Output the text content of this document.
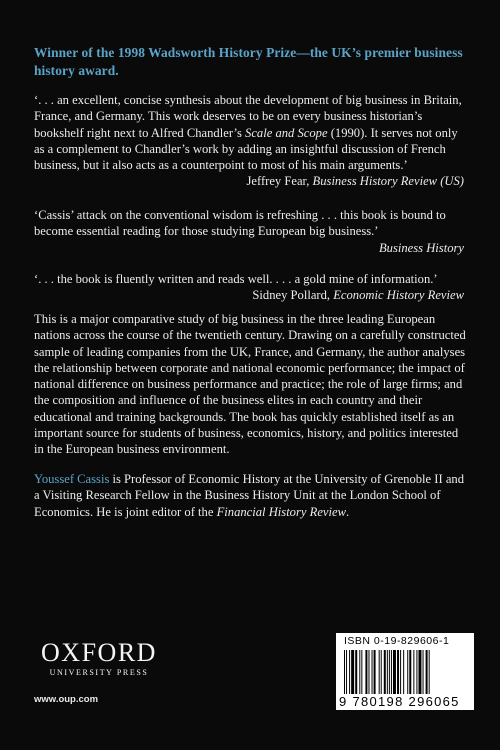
Winner of the 1998 Wadsworth History Prize—the UK’s premier business history award.
‘. . . an excellent, concise synthesis about the development of big business in Britain, France, and Germany. This work deserves to be on every business historian’s bookshelf right next to Alfred Chandler’s Scale and Scope (1990). It serves not only as a complement to Chandler’s work by adding an insightful discussion of French business, but it also acts as a counterpoint to most of his main arguments.’
Jeffrey Fear, Business History Review (US)
‘Cassis’ attack on the conventional wisdom is refreshing . . . this book is bound to become essential reading for those studying European big business.’
Business History
‘. . . the book is fluently written and reads well. . . . a gold mine of information.’
Sidney Pollard, Economic History Review
This is a major comparative study of big business in the three leading European nations across the course of the twentieth century. Drawing on a carefully constructed sample of leading companies from the UK, France, and Germany, the author analyses the relationship between corporate and national economic performance; the impact of national difference on business performance and practice; the role of large firms; and the composition and influence of the business elites in each country and their educational and training backgrounds. The book has quickly established itself as an important source for students of business, economics, history, and politics interested in the European business environment.
Youssef Cassis is Professor of Economic History at the University of Grenoble II and a Visiting Research Fellow in the Business History Unit at the London School of Economics. He is joint editor of the Financial History Review.
OXFORD
UNIVERSITY PRESS
www.oup.com
ISBN 0-19-829606-1
9 780198 296065
